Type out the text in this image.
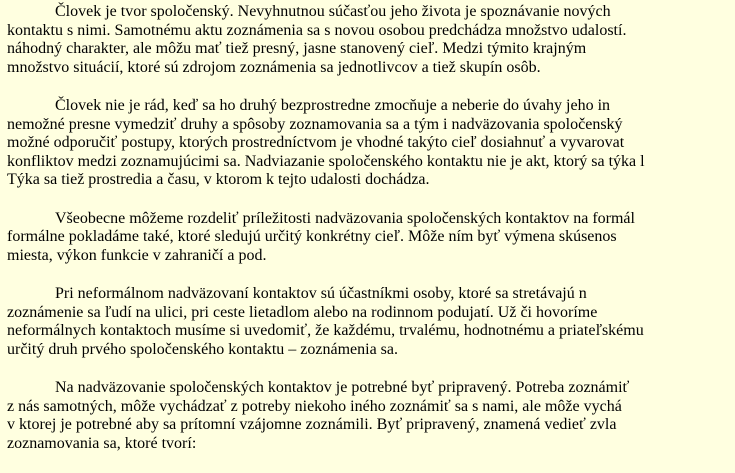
Človek je tvor spoločenský. Nevyhnutnou súčasťou jeho života je spoznávanie nových
kontaktu s nimi. Samotnému aktu zoznámenia sa s novou osobou predchádza množstvo udalostí.
náhodný charakter, ale môžu mať tiež presný, jasne stanovený cieľ. Medzi týmito krajným
množstvo situácií, ktoré sú zdrojom zoznámenia sa jednotlivcov a tiež skupín osôb.
Človek nie je rád, keď sa ho druhý bezprostredne zmocňuje a neberie do úvahy jeho in
nemožné presne vymedziť druhy a spôsoby zoznamovania sa a tým i nadväzovania spoločenský
možné odporučiť postupy, ktorých prostredníctvom je vhodné takýto cieľ dosiahnuť a vyvarovat
konfliktov medzi zoznamujúcimi sa. Nadviazanie spoločenského kontaktu nie je akt, ktorý sa týka l
Týka sa tiež prostredia a času, v ktorom k tejto udalosti dochádza.
Všeobecne môžeme rozdeliť príležitosti nadväzovania spoločenských kontaktov na formál
formálne pokladáme také, ktoré sledujú určitý konkrétny cieľ. Môže ním byť výmena skúsenos
miesta, výkon funkcie v zahraničí a pod.
Pri neformálnom nadväzovaní kontaktov sú účastníkmi osoby, ktoré sa stretávajú n
zoznámenie sa ľudí na ulici, pri ceste lietadlom alebo na rodinnom podujatí. Už či hovoríme
neformálnych kontaktoch musíme si uvedomiť, že každému, trvalému, hodnotnému a priateľskému
určitý druh prvého spoločenského kontaktu – zoznámenia sa.
Na nadväzovanie spoločenských kontaktov je potrebné byť pripravený. Potreba zoznámiť
z nás samotných, môže vychádzať z potreby niekoho iného zoznámiť sa s nami, ale môže vychá
v ktorej je potrebné aby sa prítomní vzájomne zoznámili. Byť pripravený, znamená vedieť zvla
zoznamovania sa, ktoré tvorí:
